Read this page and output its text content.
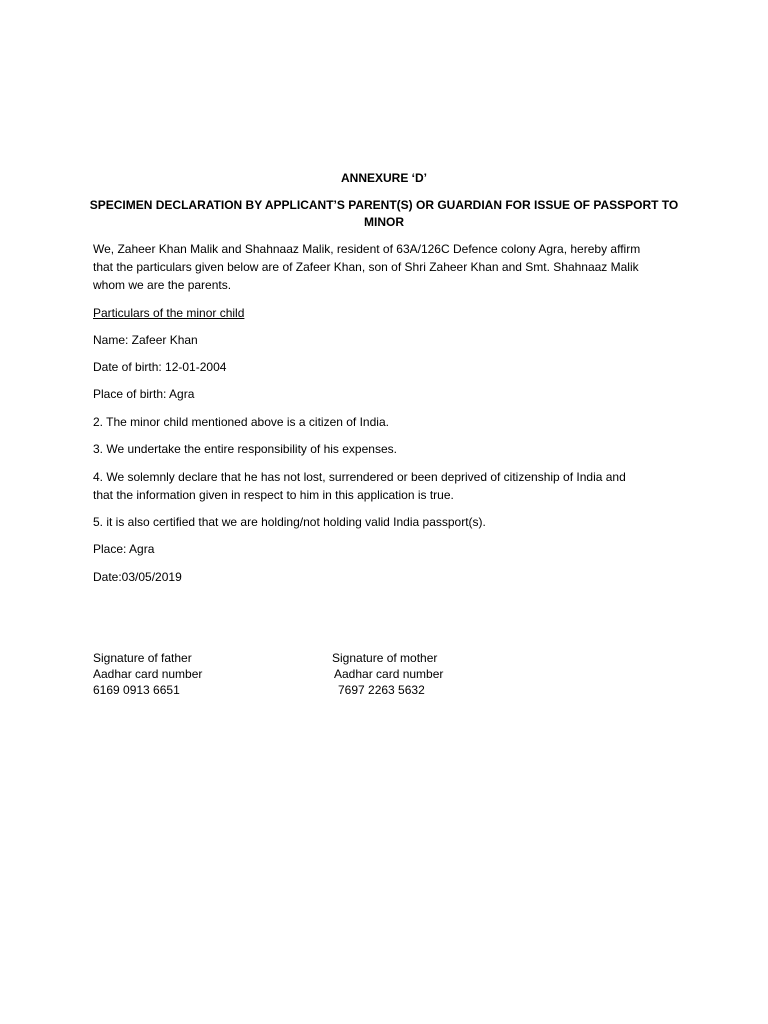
ANNEXURE ‘D’
SPECIMEN DECLARATION BY APPLICANT’S PARENT(S) OR GUARDIAN FOR ISSUE OF PASSPORT TO
MINOR
We, Zaheer Khan Malik and Shahnaaz Malik, resident of 63A/126C Defence colony Agra, hereby affirm
that the particulars given below are of Zafeer Khan, son of Shri Zaheer Khan and Smt. Shahnaaz Malik
whom we are the parents.
Particulars of the minor child
Name: Zafeer Khan
Date of birth: 12-01-2004
Place of birth: Agra
2. The minor child mentioned above is a citizen of India.
3. We undertake the entire responsibility of his expenses.
4. We solemnly declare that he has not lost, surrendered or been deprived of citizenship of India and
that the information given in respect to him in this application is true.
5. it is also certified that we are holding/not holding valid India passport(s).
Place: Agra
Date:03/05/2019
Signature of father
Aadhar card number
6169 0913 6651
Signature of mother
Aadhar card number
7697 2263 5632
